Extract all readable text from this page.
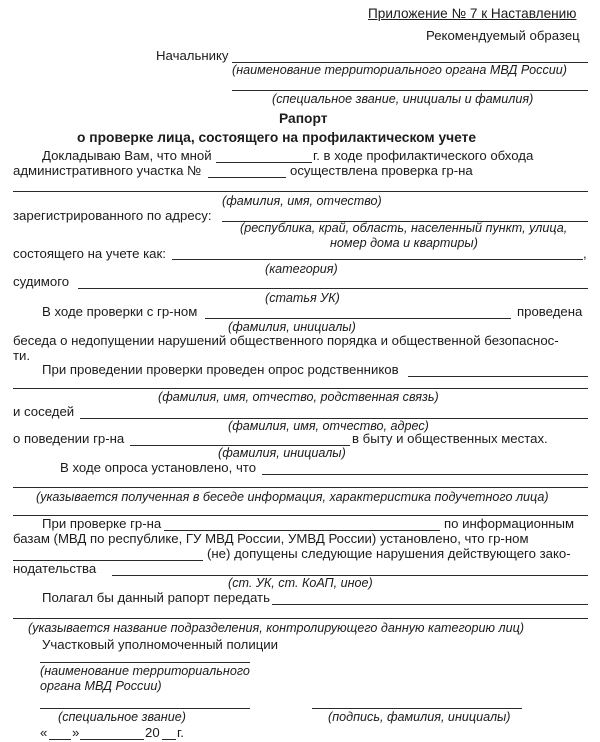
Приложение № 7 к Наставлению
Рекомендуемый образец
Начальнику
(наименование территориального органа МВД России)
(специальное звание, инициалы и фамилия)
Рапорт
о проверке лица, состоящего на профилактическом учете
Докладываю Вам, что мной	г. в ходе профилактического обхода
административного участка №	осуществлена проверка гр-на
(фамилия, имя, отчество)
зарегистрированного по адресу:
(республика, край, область, населенный пункт, улица,
номер дома и квартиры)
состоящего на учете как:	,
(категория)
судимого
(статья УК)
В ходе проверки с гр-ном	проведена
(фамилия, инициалы)
беседа о недопущении нарушений общественного порядка и общественной безопаснос-
ти.
При проведении проверки проведен опрос родственников
(фамилия, имя, отчество, родственная связь)
и соседей
(фамилия, имя, отчество, адрес)
о поведении гр-на	в быту и общественных местах.
(фамилия, инициалы)
В ходе опроса установлено, что
(указывается полученная в беседе информация, характеристика подучетного лица)
При проверке гр-на	по информационным
базам (МВД по республике, ГУ МВД России, УМВД России) установлено, что гр-ном
(не) допущены следующие нарушения действующего зако-
нодательства
(ст. УК, ст. КоАП, иное)
Полагал бы данный рапорт передать
(указывается название подразделения, контролирующего данную категорию лиц)
Участковый уполномоченный полиции
(наименование территориального
органа МВД России)
(специальное звание)	(подпись, фамилия, инициалы)
« »	20 г.
